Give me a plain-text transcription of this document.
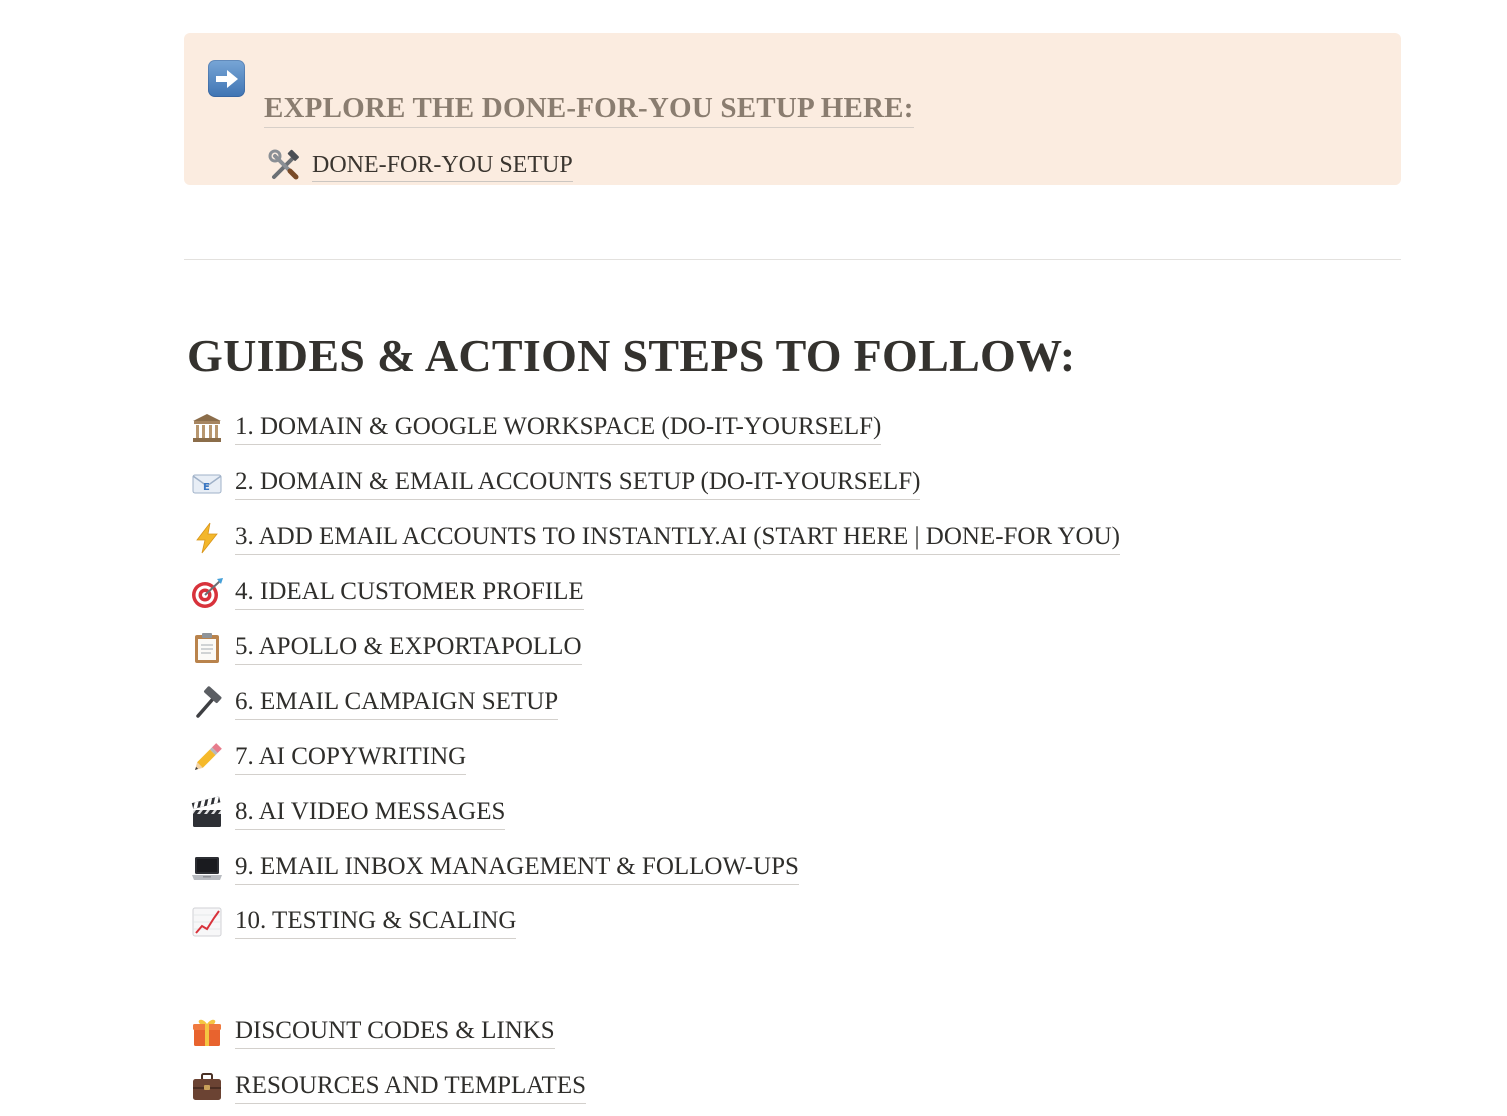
EXPLORE THE DONE-FOR-YOU SETUP HERE:
DONE-FOR-YOU SETUP
GUIDES & ACTION STEPS TO FOLLOW:
1. DOMAIN & GOOGLE WORKSPACE (DO-IT-YOURSELF)
E 2. DOMAIN & EMAIL ACCOUNTS SETUP (DO-IT-YOURSELF)
3. ADD EMAIL ACCOUNTS TO INSTANTLY.AI (START HERE | DONE-FOR YOU)
4. IDEAL CUSTOMER PROFILE
5. APOLLO & EXPORTAPOLLO
6. EMAIL CAMPAIGN SETUP
7. AI COPYWRITING
8. AI VIDEO MESSAGES
9. EMAIL INBOX MANAGEMENT & FOLLOW-UPS
10. TESTING & SCALING
DISCOUNT CODES & LINKS
RESOURCES AND TEMPLATES
